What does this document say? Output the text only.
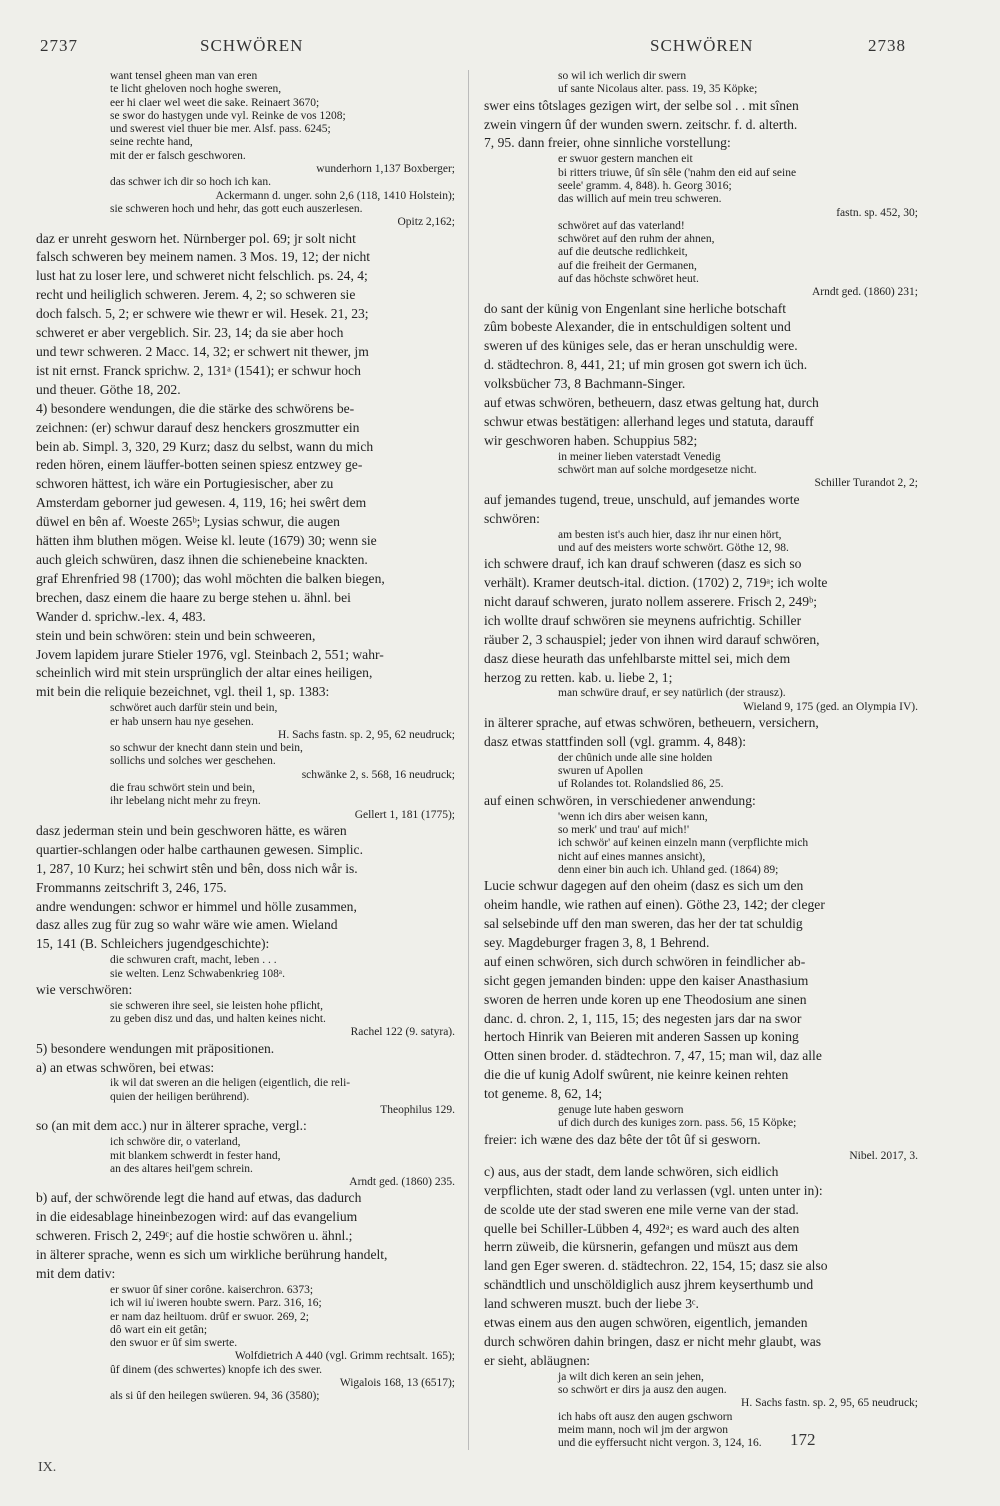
2737	SCHWÖREN	SCHWÖREN	2738
want tensel gheen man van eren
te licht gheloven noch hoghe sweren,
eer hi claer wel weet die sake. Reinaert 3670;
se swor do hastygen unde vyl. Reinke de vos 1208;
und swerest viel thuer bie mer. Alsf. pass. 6245;
seine rechte hand,
mit der er falsch geschworen.
wunderhorn 1,137 Boxberger;
das schwer ich dir so hoch ich kan.
Ackermann d. unger. sohn 2,6 (118, 1410 Holstein);
sie schweren hoch und hehr, das gott euch auszerlesen.
Opitz 2,162;
daz er unreht gesworn het. Nürnberger pol. 69; jr solt nicht
falsch schweren bey meinem namen. 3 Mos. 19, 12; der nicht
lust hat zu loser lere, und schweret nicht felschlich. ps. 24, 4;
recht und heiliglich schweren. Jerem. 4, 2; so schweren sie
doch falsch. 5, 2; er schwere wie thewr er wil. Hesek. 21, 23;
schweret er aber vergeblich. Sir. 23, 14; da sie aber hoch
und tewr schweren. 2 Macc. 14, 32; er schwert nit thewer, jm
ist nit ernst. Franck sprichw. 2, 131ᵃ (1541); er schwur hoch
und theuer. Göthe 18, 202.
4) besondere wendungen, die die stärke des schwörens be-
zeichnen: (er) schwur darauf desz henckers groszmutter ein
bein ab. Simpl. 3, 320, 29 Kurz; dasz du selbst, wann du mich
reden hören, einem läuffer-botten seinen spiesz entzwey ge-
schworen hättest, ich wäre ein Portugiesischer, aber zu
Amsterdam geborner jud gewesen. 4, 119, 16; hei swêrt dem
düwel en bên af. Woeste 265ᵇ; Lysias schwur, die augen
hätten ihm bluthen mögen. Weise kl. leute (1679) 30; wenn sie
auch gleich schwüren, dasz ihnen die schienebeine knackten.
graf Ehrenfried 98 (1700); das wohl möchten die balken biegen,
brechen, dasz einem die haare zu berge stehen u. ähnl. bei
Wander d. sprichw.-lex. 4, 483.
stein und bein schwören: stein und bein schweeren,
Jovem lapidem jurare Stieler 1976, vgl. Steinbach 2, 551; wahr-
scheinlich wird mit stein ursprünglich der altar eines heiligen,
mit bein die reliquie bezeichnet, vgl. theil 1, sp. 1383:
schwöret auch darfür stein und bein,
er hab unsern hau nye gesehen.
H. Sachs fastn. sp. 2, 95, 62 neudruck;
so schwur der knecht dann stein und bein,
sollichs und solches wer geschehen.
schwänke 2, s. 568, 16 neudruck;
die frau schwört stein und bein,
ihr lebelang nicht mehr zu freyn.
Gellert 1, 181 (1775);
dasz jederman stein und bein geschworen hätte, es wären
quartier-schlangen oder halbe carthaunen gewesen. Simplic.
1, 287, 10 Kurz; hei schwirt stên und bên, doss nich wår is.
Frommanns zeitschrift 3, 246, 175.
andre wendungen: schwor er himmel und hölle zusammen,
dasz alles zug für zug so wahr wäre wie amen. Wieland
15, 141 (B. Schleichers jugendgeschichte):
die schwuren craft, macht, leben . . .
sie welten. Lenz Schwabenkrieg 108ᵃ.
wie verschwören:
sie schweren ihre seel, sie leisten hohe pflicht,
zu geben disz und das, und halten keines nicht.
Rachel 122 (9. satyra).
5) besondere wendungen mit präpositionen.
a) an etwas schwören, bei etwas:
ik wil dat sweren an die heligen (eigentlich, die reli-
quien der heiligen berührend).
Theophilus 129.
so (an mit dem acc.) nur in älterer sprache, vergl.:
ich schwöre dir, o vaterland,
mit blankem schwerdt in fester hand,
an des altares heil'gem schrein.
Arndt ged. (1860) 235.
b) auf, der schwörende legt die hand auf etwas, das dadurch
in die eidesablage hineinbezogen wird: auf das evangelium
schweren. Frisch 2, 249ᶜ; auf die hostie schwören u. ähnl.;
in älterer sprache, wenn es sich um wirkliche berührung handelt,
mit dem dativ:
er swuor ûf siner corône. kaiserchron. 6373;
ich wil iu̓ iweren houbte swern. Parz. 316, 16;
er nam daz heiltuom. drûf er swuor. 269, 2;
dô wart ein eit getân;
den swuor er ûf sim swerte.
Wolfdietrich A 440 (vgl. Grimm rechtsalt. 165);
ûf dinem (des schwertes) knopfe ich des swer.
Wigalois 168, 13 (6517);
als si ûf den heilegen swüeren. 94, 36 (3580);
so wil ich werlich dir swern
uf sante Nicolaus alter. pass. 19, 35 Köpke;
swer eins tôtslages gezigen wirt, der selbe sol . . mit sînen
zwein vingern ûf der wunden swern. zeitschr. f. d. alterth.
7, 95. dann freier, ohne sinnliche vorstellung:
er swuor gestern manchen eit
bi ritters triuwe, ûf sîn sêle ('nahm den eid auf seine
seele' gramm. 4, 848). h. Georg 3016;
das willich auf mein treu schweren.
fastn. sp. 452, 30;
schwöret auf das vaterland!
schwöret auf den ruhm der ahnen,
auf die deutsche redlichkeit,
auf die freiheit der Germanen,
auf das höchste schwöret heut.
Arndt ged. (1860) 231;
do sant der künig von Engenlant sine herliche botschaft
zûm bobeste Alexander, die in entschuldigen soltent und
sweren uf des küniges sele, das er heran unschuldig were.
d. städtechron. 8, 441, 21; uf min grosen got swern ich üch.
volksbücher 73, 8 Bachmann-Singer.
auf etwas schwören, betheuern, dasz etwas geltung hat, durch
schwur etwas bestätigen: allerhand leges und statuta, darauff
wir geschworen haben. Schuppius 582;
in meiner lieben vaterstadt Venedig
schwört man auf solche mordgesetze nicht.
Schiller Turandot 2, 2;
auf jemandes tugend, treue, unschuld, auf jemandes worte
schwören:
am besten ist's auch hier, dasz ihr nur einen hört,
und auf des meisters worte schwört. Göthe 12, 98.
ich schwere drauf, ich kan drauf schweren (dasz es sich so
verhält). Kramer deutsch-ital. diction. (1702) 2, 719ᵃ; ich wolte
nicht darauf schweren, jurato nollem asserere. Frisch 2, 249ᵇ;
ich wollte drauf schwören sie meynens aufrichtig. Schiller
räuber 2, 3 schauspiel; jeder von ihnen wird darauf schwören,
dasz diese heurath das unfehlbarste mittel sei, mich dem
herzog zu retten. kab. u. liebe 2, 1;
man schwüre drauf, er sey natürlich (der strausz).
Wieland 9, 175 (ged. an Olympia IV).
in älterer sprache, auf etwas schwören, betheuern, versichern,
dasz etwas stattfinden soll (vgl. gramm. 4, 848):
der chûnich unde alle sine holden
swuren uf Apollen
uf Rolandes tot. Rolandslied 86, 25.
auf einen schwören, in verschiedener anwendung:
'wenn ich dirs aber weisen kann,
so merk' und trau' auf mich!'
ich schwör' auf keinen einzeln mann (verpflichte mich
nicht auf eines mannes ansicht),
denn einer bin auch ich. Uhland ged. (1864) 89;
Lucie schwur dagegen auf den oheim (dasz es sich um den
oheim handle, wie rathen auf einen). Göthe 23, 142; der cleger
sal selsebinde uff den man sweren, das her der tat schuldig
sey. Magdeburger fragen 3, 8, 1 Behrend.
auf einen schwören, sich durch schwören in feindlicher ab-
sicht gegen jemanden binden: uppe den kaiser Anasthasium
sworen de herren unde koren up ene Theodosium ane sinen
danc. d. chron. 2, 1, 115, 15; des negesten jars dar na swor
hertoch Hinrik van Beieren mit anderen Sassen up koning
Otten sinen broder. d. städtechron. 7, 47, 15; man wil, daz alle
die die uf kunig Adolf swûrent, nie keinre keinen rehten
tot geneme. 8, 62, 14;
genuge lute haben gesworn
uf dich durch des kuniges zorn. pass. 56, 15 Köpke;
freier: ich wæne des daz bête der tôt ûf si gesworn.
Nibel. 2017, 3.
c) aus, aus der stadt, dem lande schwören, sich eidlich
verpflichten, stadt oder land zu verlassen (vgl. unten unter in):
de scolde ute der stad sweren ene mile verne van der stad.
quelle bei Schiller-Lübben 4, 492ᵃ; es ward auch des alten
herrn züweib, die kürsnerin, gefangen und müszt aus dem
land gen Eger sweren. d. städtechron. 22, 154, 15; dasz sie also
schändtlich und unschöldiglich ausz jhrem keyserthumb und
land schweren muszt. buch der liebe 3ᶜ.
etwas einem aus den augen schwören, eigentlich, jemanden
durch schwören dahin bringen, dasz er nicht mehr glaubt, was
er sieht, abläugnen:
ja wilt dich keren an sein jehen,
so schwört er dirs ja ausz den augen.
H. Sachs fastn. sp. 2, 95, 65 neudruck;
ich habs oft ausz den augen gschworn
meim mann, noch wil jm der argwon
und die eyffersucht nicht vergon. 3, 124, 16.
IX.
172
